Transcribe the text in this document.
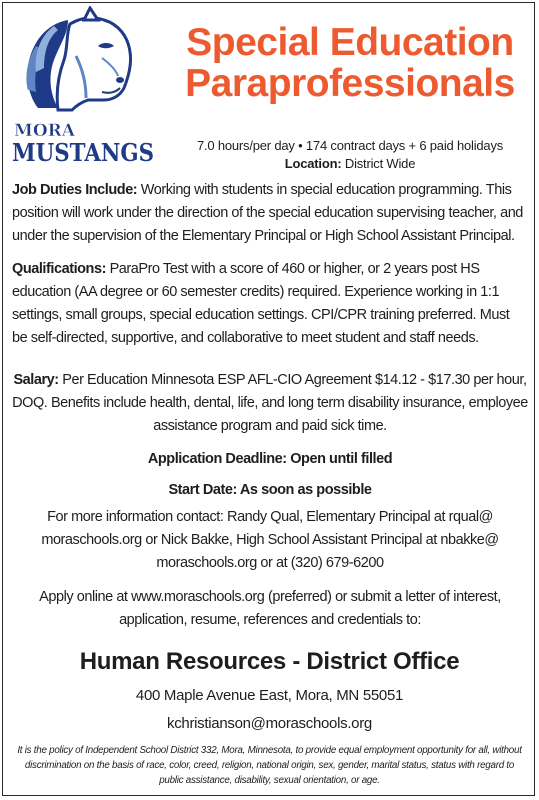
MORA
MUSTANGS
Special Education
Paraprofessionals
7.0 hours/per day • 174 contract days + 6 paid holidays
Location: District Wide
Job Duties Include: Working with students in special education programming. This position will work under the direction of the special education supervising teacher, and under the supervision of the Elementary Principal or High School Assistant Principal.
Qualifications: ParaPro Test with a score of 460 or higher, or 2 years post HS education (AA degree or 60 semester credits) required. Experience working in 1:1 settings, small groups, special education settings. CPI/CPR training preferred. Must be self-directed, supportive, and collaborative to meet student and staff needs.
Salary: Per Education Minnesota ESP AFL-CIO Agreement $14.12 - $17.30 per hour, DOQ. Benefits include health, dental, life, and long term disability insurance, employee assistance program and paid sick time.
Application Deadline: Open until filled
Start Date: As soon as possible
For more information contact: Randy Qual, Elementary Principal at rqual@ moraschools.org or Nick Bakke, High School Assistant Principal at nbakke@ moraschools.org or at (320) 679-6200
Apply online at www.moraschools.org (preferred) or submit a letter of interest, application, resume, references and credentials to:
Human Resources - District Office
400 Maple Avenue East, Mora, MN 55051
kchristianson@moraschools.org
It is the policy of Independent School District 332, Mora, Minnesota, to provide equal employment opportunity for all, without discrimination on the basis of race, color, creed, religion, national origin, sex, gender, marital status, status with regard to public assistance, disability, sexual orientation, or age.
